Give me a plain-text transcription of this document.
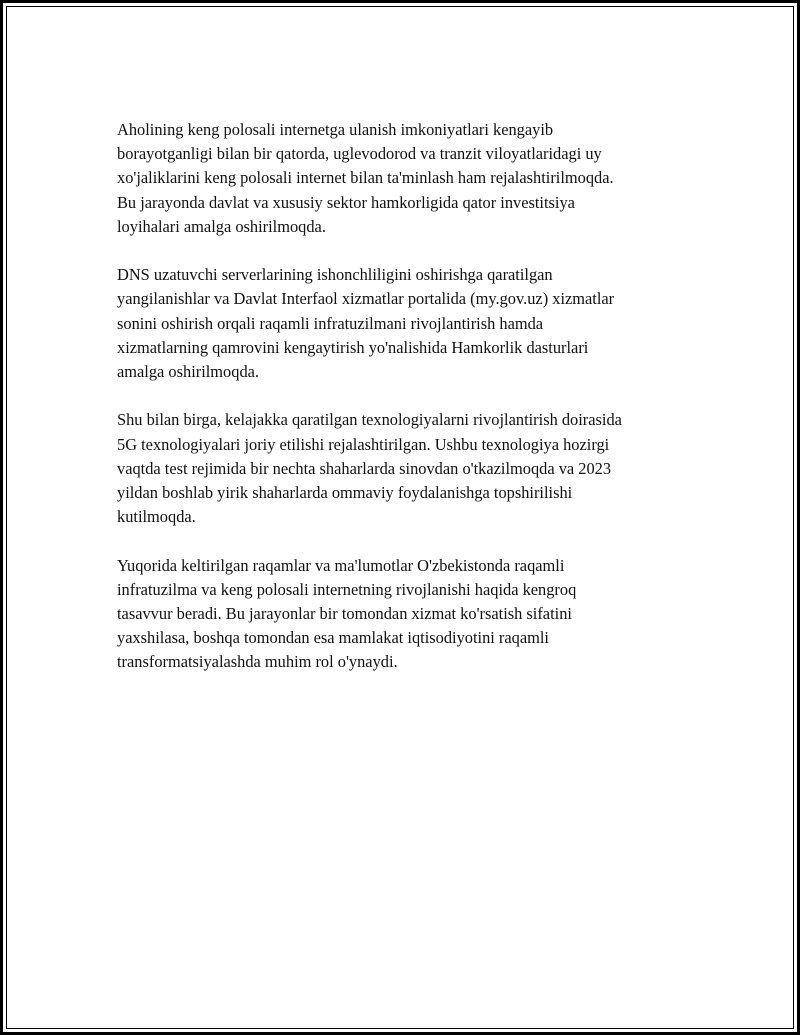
Aholining keng polosali internetga ulanish imkoniyatlari kengayib
borayotganligi bilan bir qatorda, uglevodorod va tranzit viloyatlaridagi uy
xo'jaliklarini keng polosali internet bilan ta'minlash ham rejalashtirilmoqda.
Bu jarayonda davlat va xususiy sektor hamkorligida qator investitsiya
loyihalari amalga oshirilmoqda.

DNS uzatuvchi serverlarining ishonchliligini oshirishga qaratilgan
yangilanishlar va Davlat Interfaol xizmatlar portalida (my.gov.uz) xizmatlar
sonini oshirish orqali raqamli infratuzilmani rivojlantirish hamda
xizmatlarning qamrovini kengaytirish yo'nalishida Hamkorlik dasturlari
amalga oshirilmoqda.

Shu bilan birga, kelajakka qaratilgan texnologiyalarni rivojlantirish doirasida
5G texnologiyalari joriy etilishi rejalashtirilgan. Ushbu texnologiya hozirgi
vaqtda test rejimida bir nechta shaharlarda sinovdan o'tkazilmoqda va 2023
yildan boshlab yirik shaharlarda ommaviy foydalanishga topshirilishi
kutilmoqda.

Yuqorida keltirilgan raqamlar va ma'lumotlar O'zbekistonda raqamli
infratuzilma va keng polosali internetning rivojlanishi haqida kengroq
tasavvur beradi. Bu jarayonlar bir tomondan xizmat ko'rsatish sifatini
yaxshilasa, boshqa tomondan esa mamlakat iqtisodiyotini raqamli
transformatsiyalashda muhim rol o'ynaydi.
